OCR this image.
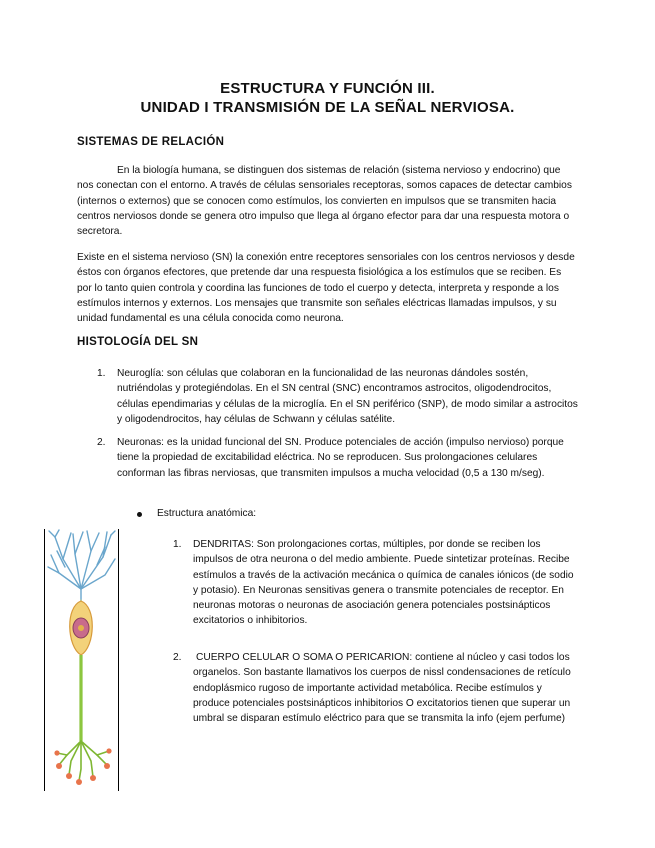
ESTRUCTURA Y FUNCIÓN III.
UNIDAD I TRANSMISIÓN DE LA SEÑAL NERVIOSA.
SISTEMAS DE RELACIÓN

En la biología humana, se distinguen dos sistemas de relación (sistema nervioso y endocrino) que nos conectan con el entorno. A través de células sensoriales receptoras, somos capaces de detectar cambios (internos o externos) que se conocen como estímulos, los convierten en impulsos que se transmiten hacia centros nerviosos donde se genera otro impulso que llega al órgano efector para dar una respuesta motora o secretora.

Existe en el sistema nervioso (SN) la conexión entre receptores sensoriales con los centros nerviosos y desde éstos con órganos efectores, que pretende dar una respuesta fisiológica a los estímulos que se reciben. Es por lo tanto quien controla y coordina las funciones de todo el cuerpo y detecta, interpreta y responde a los estímulos internos y externos. Los mensajes que transmite son señales eléctricas llamadas impulsos, y su unidad fundamental es una célula conocida como neurona.

HISTOLOGÍA DEL SN
1. Neuroglía: son células que colaboran en la funcionalidad de las neuronas dándoles sostén, nutriéndolas y protegiéndolas. En el SN central (SNC) encontramos astrocitos, oligodendrocitos, células ependimarias y células de la microglía. En el SN periférico (SNP), de modo similar a astrocitos y oligodendrocitos, hay células de Schwann y células satélite.

2. Neuronas: es la unidad funcional del SN. Produce potenciales de acción (impulso nervioso) porque tiene la propiedad de excitabilidad eléctrica. No se reproducen. Sus prolongaciones celulares conforman las fibras nerviosas, que transmiten impulsos a mucha velocidad (0,5 a 130 m/seg).

Estructura anatómica:
1. DENDRITAS: Son prolongaciones cortas, múltiples, por donde se reciben los impulsos de otra neurona o del medio ambiente. Puede sintetizar proteínas. Recibe estímulos a través de la activación mecánica o química de canales iónicos (de sodio y potasio). En Neuronas sensitivas genera o transmite potenciales de receptor. En neuronas motoras o neuronas de asociación genera potenciales postsinápticos excitatorios o inhibitorios.

2. CUERPO CELULAR O SOMA O PERICARION: contiene al núcleo y casi todos los organelos. Son bastante llamativos los cuerpos de nissl condensaciones de retículo endoplásmico rugoso de importante actividad metabólica. Recibe estímulos y produce potenciales postsinápticos inhibitorios O excitatorios tienen que superar un umbral se disparan estímulo eléctrico para que se transmita la info (ejem perfume)
